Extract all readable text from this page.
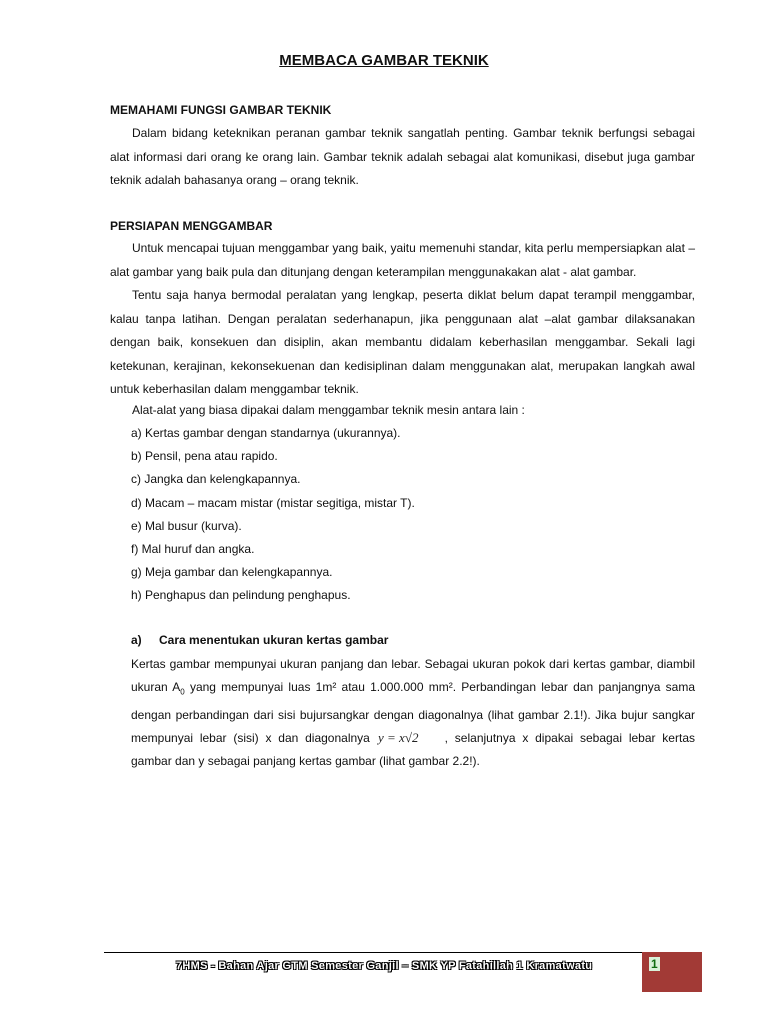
MEMBACA GAMBAR TEKNIK
MEMAHAMI FUNGSI GAMBAR TEKNIK
Dalam bidang keteknikan peranan gambar teknik sangatlah penting. Gambar teknik berfungsi sebagai alat informasi dari orang ke orang lain. Gambar teknik adalah sebagai alat komunikasi, disebut juga gambar teknik adalah bahasanya orang – orang teknik.
PERSIAPAN MENGGAMBAR
Untuk mencapai tujuan menggambar yang baik, yaitu memenuhi standar, kita perlu mempersiapkan alat – alat gambar yang baik pula dan ditunjang dengan keterampilan menggunakakan alat - alat gambar.
Tentu saja hanya bermodal peralatan yang lengkap, peserta diklat belum dapat terampil menggambar, kalau tanpa latihan. Dengan peralatan sederhanapun, jika penggunaan alat –alat gambar dilaksanakan dengan baik, konsekuen dan disiplin, akan membantu didalam keberhasilan menggambar. Sekali lagi ketekunan, kerajinan, kekonsekuenan dan kedisiplinan dalam menggunakan alat, merupakan langkah awal untuk keberhasilan dalam menggambar teknik.
Alat-alat yang biasa dipakai dalam menggambar teknik mesin antara lain :
a) Kertas gambar dengan standarnya (ukurannya).
b) Pensil, pena atau rapido.
c) Jangka dan kelengkapannya.
d) Macam – macam mistar (mistar segitiga, mistar T).
e) Mal busur (kurva).
f) Mal huruf dan angka.
g) Meja gambar dan kelengkapannya.
h) Penghapus dan pelindung penghapus.
a) Cara menentukan ukuran kertas gambar
Kertas gambar mempunyai ukuran panjang dan lebar. Sebagai ukuran pokok dari kertas gambar, diambil ukuran $A_0$ yang mempunyai luas 1m² atau 1.000.000 mm². Perbandingan lebar dan panjangnya sama dengan perbandingan dari sisi bujursangkar dengan diagonalnya (lihat gambar 2.1!). Jika bujur sangkar mempunyai lebar (sisi) x dan diagonalnya y = x√2 , selanjutnya x dipakai sebagai lebar kertas gambar dan y sebagai panjang kertas gambar (lihat gambar 2.2!).
7HMS - Bahan Ajar GTM Semester Ganjil – SMK YP Fatahillah 1 Kramatwatu	1
